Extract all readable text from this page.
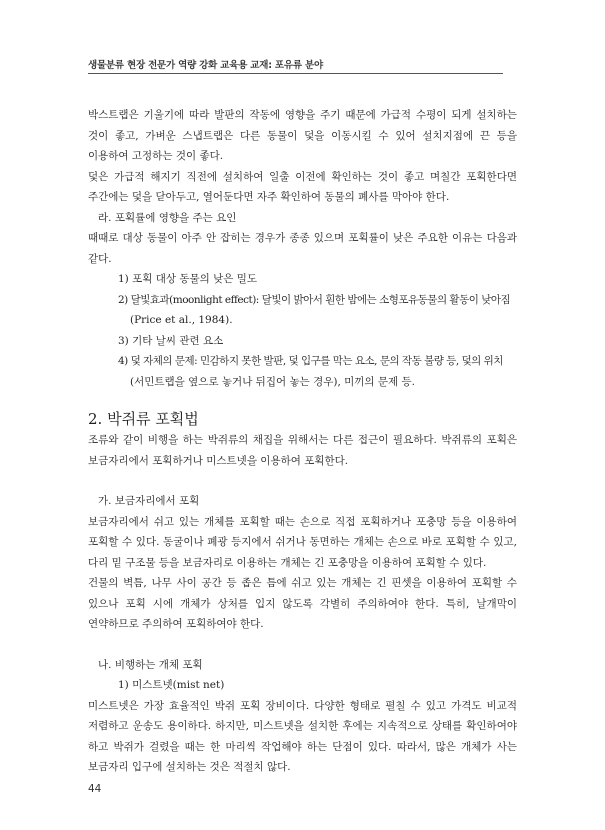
생물분류 현장 전문가 역량 강화 교육용 교재: 포유류 분야

박스트랩은 기울기에 따라 발판의 작동에 영향을 주기 때문에 가급적 수평이 되게 설치하는 것이 좋고, 가벼운 스냅트랩은 다른 동물이 덫을 이동시킬 수 있어 설치지점에 끈 등을 이용하여 고정하는 것이 좋다.

덫은 가급적 해지기 직전에 설치하여 일출 이전에 확인하는 것이 좋고 며칠간 포획한다면 주간에는 덫을 닫아두고, 열어둔다면 자주 확인하여 동물의 폐사를 막아야 한다.

라. 포획률에 영향을 주는 요인

때때로 대상 동물이 아주 안 잡히는 경우가 종종 있으며 포획률이 낮은 주요한 이유는 다음과 같다.

1) 포획 대상 동물의 낮은 밀도

2) 달빛효과(moonlight effect): 달빛이 밝아서 훤한 밤에는 소형포유동물의 활동이 낮아짐

(Price et al., 1984).

3) 기타 날씨 관련 요소

4) 덫 자체의 문제: 민감하지 못한 발판, 덫 입구를 막는 요소, 문의 작동 불량 등, 덫의 위치

(서민트랩을 옆으로 놓거나 뒤집어 놓는 경우), 미끼의 문제 등.

2. 박쥐류 포획법

조류와 같이 비행을 하는 박쥐류의 채집을 위해서는 다른 접근이 필요하다. 박쥐류의 포획은 보금자리에서 포획하거나 미스트넷을 이용하여 포획한다.

가. 보금자리에서 포획

보금자리에서 쉬고 있는 개체를 포획할 때는 손으로 직접 포획하거나 포충망 등을 이용하여 포획할 수 있다. 동굴이나 폐광 등지에서 쉬거나 동면하는 개체는 손으로 바로 포획할 수 있고, 다리 밑 구조물 등을 보금자리로 이용하는 개체는 긴 포충망을 이용하여 포획할 수 있다.

건물의 벽틈, 나무 사이 공간 등 좁은 틈에 쉬고 있는 개체는 긴 핀셋을 이용하여 포획할 수 있으나 포획 시에 개체가 상처를 입지 않도록 각별히 주의하여야 한다. 특히, 날개막이 연약하므로 주의하여 포획하여야 한다.

나. 비행하는 개체 포획

1) 미스트넷(mist net)

미스트넷은 가장 효율적인 박쥐 포획 장비이다. 다양한 형태로 펼칠 수 있고 가격도 비교적 저렴하고 운송도 용이하다. 하지만, 미스트넷을 설치한 후에는 지속적으로 상태를 확인하여야 하고 박쥐가 걸렸을 때는 한 마리씩 작업해야 하는 단점이 있다. 따라서, 많은 개체가 사는 보금자리 입구에 설치하는 것은 적절치 않다.

44
